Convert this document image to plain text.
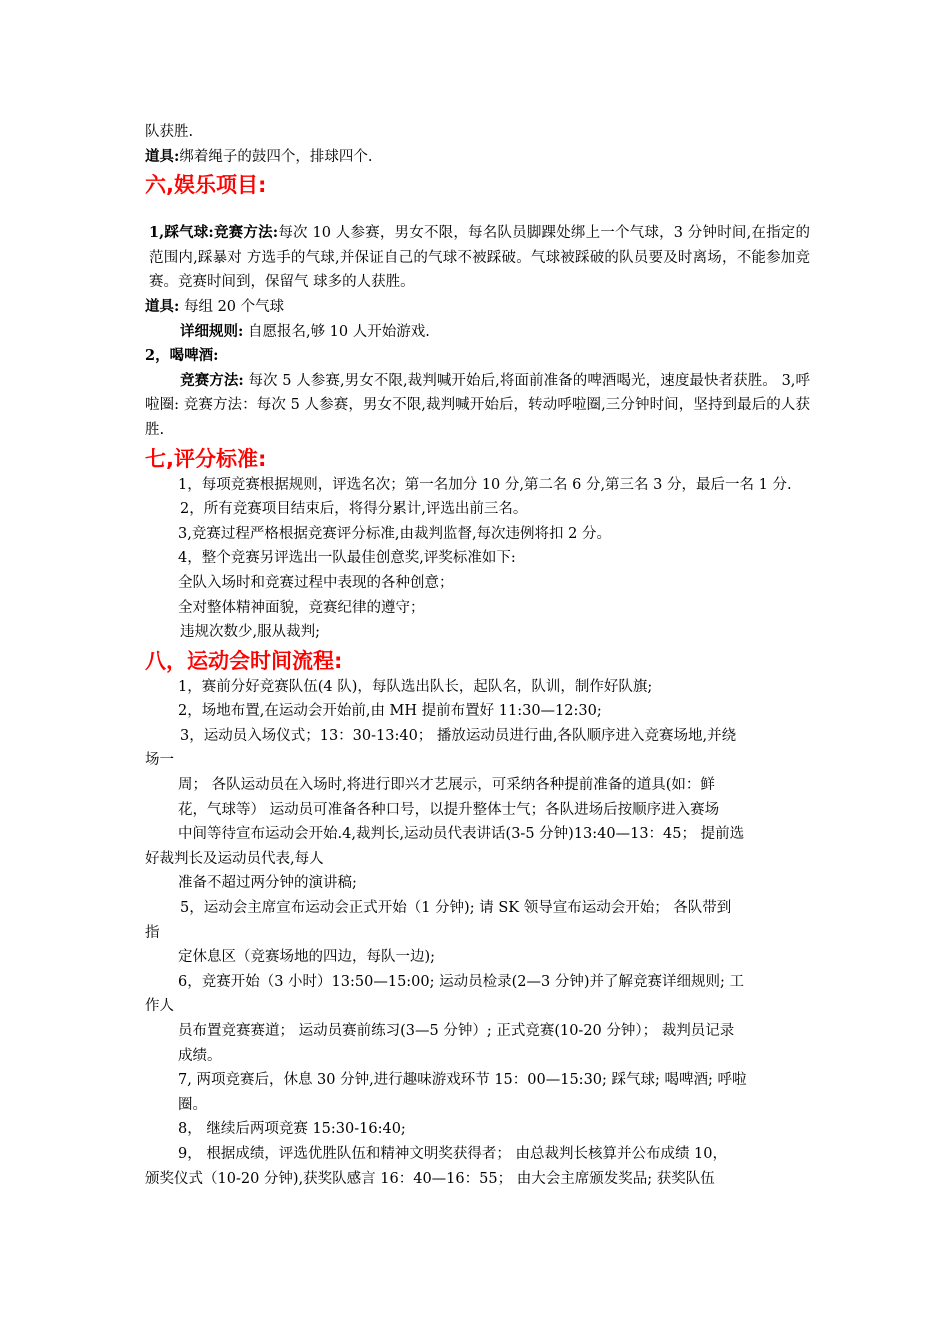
队获胜.

道具:绑着绳子的鼓四个，排球四个.

六,娱乐项目:

1,踩气球:竞赛方法:每次 10 人参赛，男女不限，每名队员脚踝处绑上一个气球，3 分钟时间,在指定的范围内,踩暴对 方选手的气球,并保证自己的气球不被踩破。气球被踩破的队员要及时离场，不能参加竞赛。竞赛时间到，保留气 球多的人获胜。

道具: 每组 20 个气球

详细规则: 自愿报名,够 10 人开始游戏.

2，喝啤酒:

竞赛方法: 每次 5 人参赛,男女不限,裁判喊开始后,将面前准备的啤酒喝光，速度最快者获胜。 3,呼啦圈: 竞赛方法：每次 5 人参赛，男女不限,裁判喊开始后，转动呼啦圈,三分钟时间，坚持到最后的人获胜.

七,评分标准:

1，每项竞赛根据规则，评选名次；第一名加分 10 分,第二名 6 分,第三名 3 分，最后一名 1 分.

2，所有竞赛项目结束后，将得分累计,评选出前三名。

3,竞赛过程严格根据竞赛评分标准,由裁判监督,每次违例将扣 2 分。

4，整个竞赛另评选出一队最佳创意奖,评奖标准如下:

全队入场时和竞赛过程中表现的各种创意；

全对整体精神面貌，竞赛纪律的遵守；

违规次数少,服从裁判;

八，运动会时间流程:

1，赛前分好竞赛队伍(4 队)，每队选出队长，起队名，队训，制作好队旗;

2，场地布置,在运动会开始前,由 MH 提前布置好 11:30—12:30;

3，运动员入场仪式；13：30-13:40； 播放运动员进行曲,各队顺序进入竞赛场地,并绕

场一

周； 各队运动员在入场时,将进行即兴才艺展示，可采纳各种提前准备的道具(如：鲜

花，气球等） 运动员可准备各种口号，以提升整体士气；各队进场后按顺序进入赛场

中间等待宣布运动会开始.4,裁判长,运动员代表讲话(3-5 分钟)13:40—13：45； 提前选

好裁判长及运动员代表,每人

准备不超过两分钟的演讲稿;

5，运动会主席宣布运动会正式开始（1 分钟); 请 SK 领导宣布运动会开始； 各队带到

指

定休息区（竞赛场地的四边，每队一边);

6，竞赛开始（3 小时）13:50—15:00; 运动员检录(2—3 分钟)并了解竞赛详细规则; 工

作人

员布置竞赛赛道； 运动员赛前练习(3—5 分钟）; 正式竞赛(10-20 分钟）； 裁判员记录

成绩。

7, 两项竞赛后，休息 30 分钟,进行趣味游戏环节 15：00—15:30; 踩气球; 喝啤酒; 呼啦

圈。

8， 继续后两项竞赛 15:30-16:40;

9， 根据成绩，评选优胜队伍和精神文明奖获得者； 由总裁判长核算并公布成绩 10，

颁奖仪式（10-20 分钟),获奖队感言 16：40—16：55； 由大会主席颁发奖品; 获奖队伍
